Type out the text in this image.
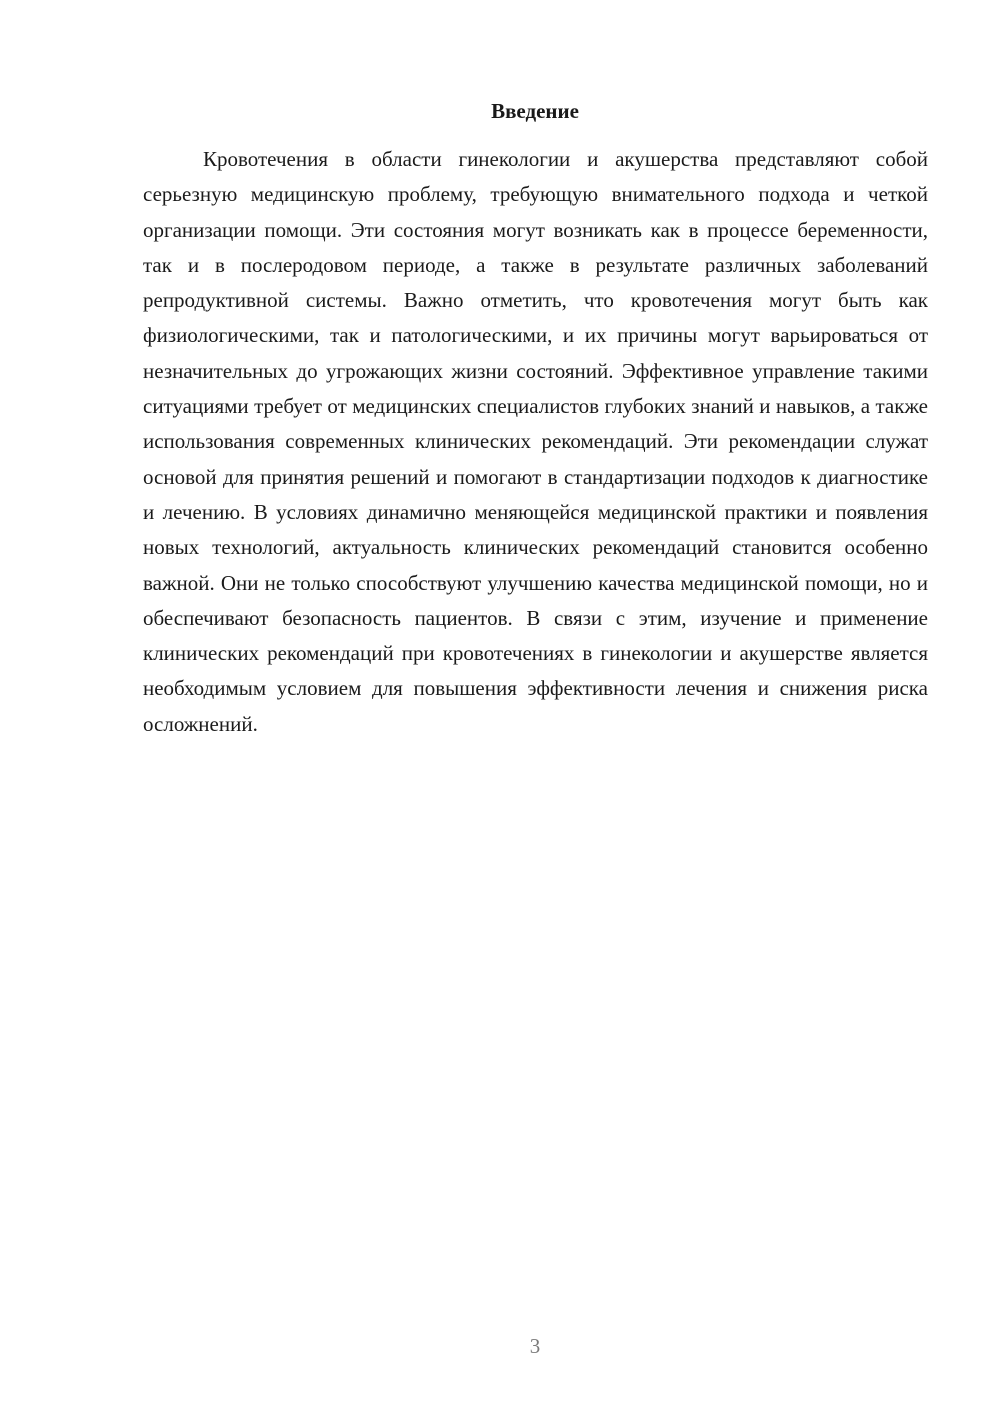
Введение

Кровотечения в области гинекологии и акушерства представляют собой серьезную медицинскую проблему, требующую внимательного подхода и четкой организации помощи. Эти состояния могут возникать как в процессе беременности, так и в послеродовом периоде, а также в результате различных заболеваний репродуктивной системы. Важно отметить, что кровотечения могут быть как физиологическими, так и патологическими, и их причины могут варьироваться от незначительных до угрожающих жизни состояний. Эффективное управление такими ситуациями требует от медицинских специалистов глубоких знаний и навыков, а также использования современных клинических рекомендаций. Эти рекомендации служат основой для принятия решений и помогают в стандартизации подходов к диагностике и лечению. В условиях динамично меняющейся медицинской практики и появления новых технологий, актуальность клинических рекомендаций становится особенно важной. Они не только способствуют улучшению качества медицинской помощи, но и обеспечивают безопасность пациентов. В связи с этим, изучение и применение клинических рекомендаций при кровотечениях в гинекологии и акушерстве является необходимым условием для повышения эффективности лечения и снижения риска осложнений.

3
